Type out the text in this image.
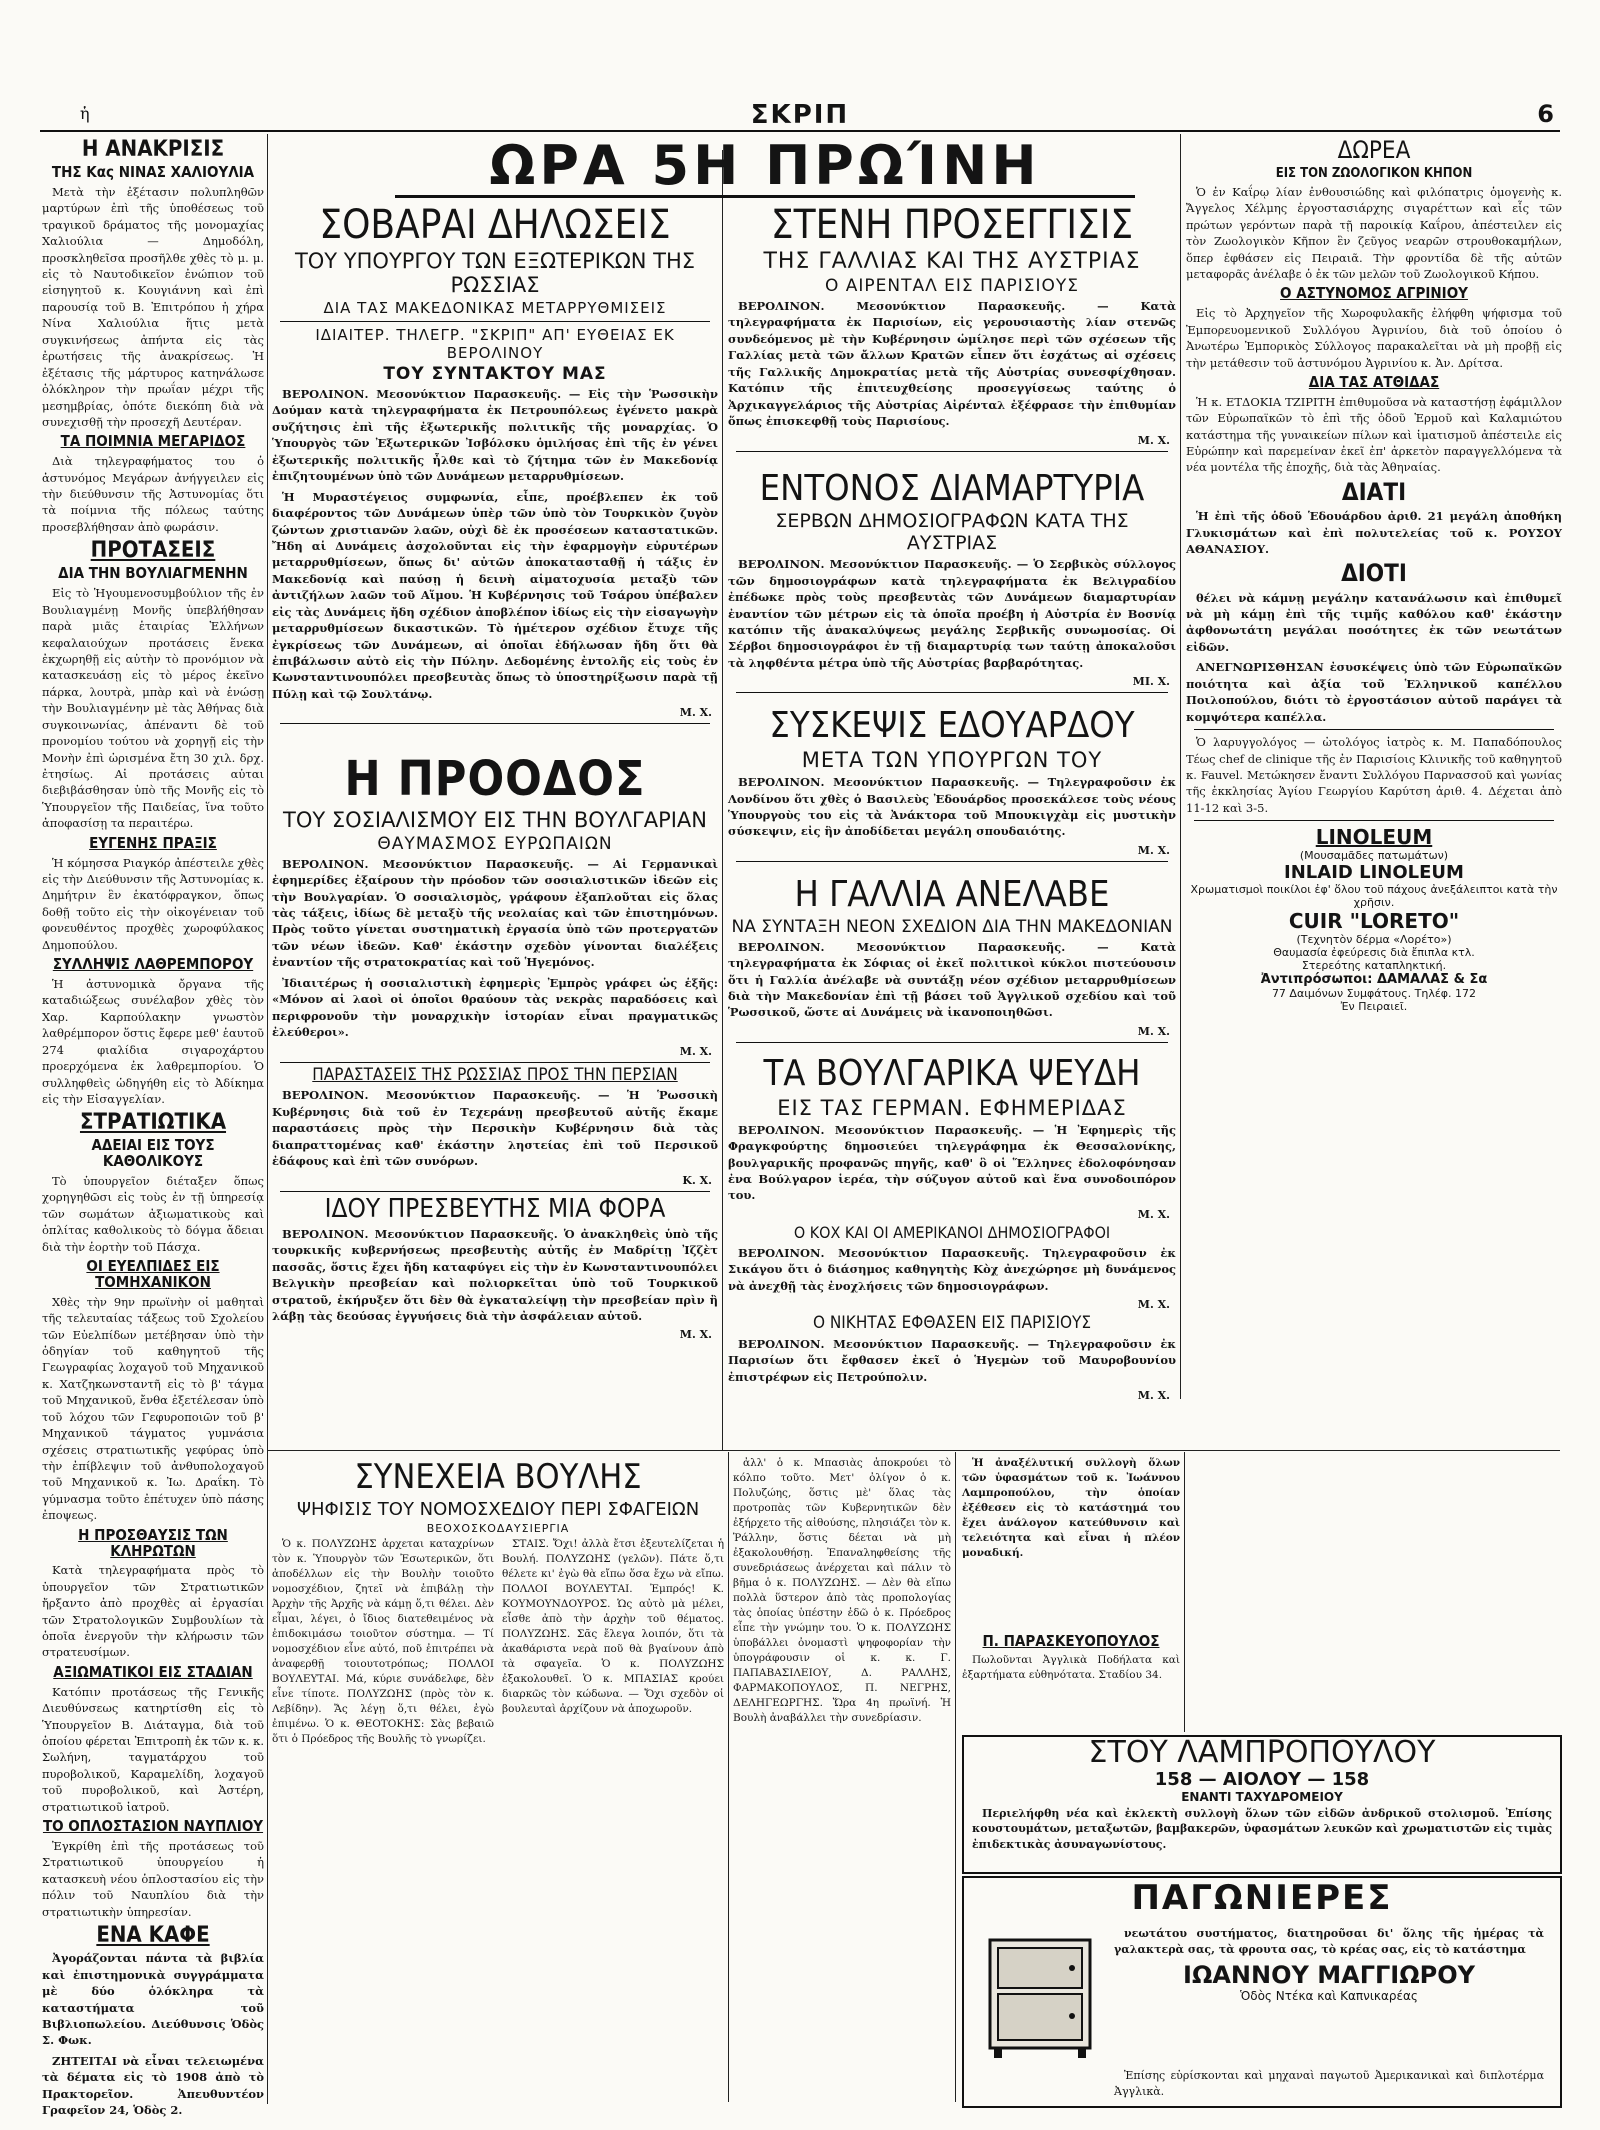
ἡ	ΣΚΡΙΠ	6
ΩΡΑ 5Η ΠΡΩΊΝΗ
Η ΑΝΑΚΡΙΣΙΣ
ΤΗΣ Κας ΝΙΝΑΣ ΧΑΛΙΟΥΛΙΑ

Μετὰ τὴν ἐξέτασιν πολυπληθῶν μαρτύρων ἐπὶ τῆς ὑποθέσεως τοῦ τραγικοῦ δράματος τῆς μονομαχίας Χαλιούλια — Δημοδόλη, προσκληθεῖσα προσῆλθε χθὲς τὸ μ. μ. εἰς τὸ Ναυτοδικεῖον ἐνώπιον τοῦ εἰσηγητοῦ κ. Κουγιάννη καὶ ἐπὶ παρουσίᾳ τοῦ Β. Ἐπιτρόπου ἡ χήρα Νίνα Χαλιούλια ἥτις μετὰ συγκινήσεως ἀπήντα εἰς τὰς ἐρωτήσεις τῆς ἀνακρίσεως. Ἡ ἐξέτασις τῆς μάρτυρος κατηνάλωσε ὁλόκληρον τὴν πρωΐαν μέχρι τῆς μεσημβρίας, ὁπότε διεκόπη διὰ νὰ συνεχισθῇ τὴν προσεχῆ Δευτέραν.

ΤΑ ΠΟΙΜΝΙΑ ΜΕΓΑΡΙΔΟΣ

Διὰ τηλεγραφήματος του ὁ ἀστυνόμος Μεγάρων ἀνήγγειλεν εἰς τὴν διεύθυνσιν τῆς Ἀστυνομίας ὅτι τὰ ποίμνια τῆς πόλεως ταύτης προσεβλήθησαν ἀπὸ φωράσιν.

ΠΡΟΤΑΣΕΙΣ
ΔΙΑ ΤΗΝ ΒΟΥΛΙΑΓΜΕΝΗΝ

Εἰς τὸ Ἡγουμενοσυμβούλιον τῆς ἐν Βουλιαγμένῃ Μονῆς ὑπεβλήθησαν παρὰ μιᾶς ἑταιρίας Ἑλλήνων κεφαλαιούχων προτάσεις ἕνεκα ἐκχωρηθῇ εἰς αὐτὴν τὸ προνόμιον νὰ κατασκευάσῃ εἰς τὸ μέρος ἐκεῖνο πάρκα, λουτρὰ, μπὰρ καὶ νὰ ἑνώσῃ τὴν Βουλιαγμένην μὲ τὰς Ἀθήνας διὰ συγκοινωνίας, ἀπέναντι δὲ τοῦ προνομίου τούτου νὰ χορηγῇ εἰς τὴν Μονὴν ἐπὶ ὡρισμένα ἔτη 30 χιλ. δρχ. ἐτησίως. Αἱ προτάσεις αὐται διεβιβάσθησαν ὑπὸ τῆς Μονῆς εἰς τὸ Ὑπουργεῖον τῆς Παιδείας, ἵνα τοῦτο ἀποφασίσῃ τα περαιτέρω.

ΕΥΓΕΝΗΣ ΠΡΑΞΙΣ

Ἡ κόμησσα Ριαγκόρ ἀπέστειλε χθὲς εἰς τὴν Διεύθυνσιν τῆς Ἀστυνομίας κ. Δημήτριν ἓν ἑκατόφραγκον, ὅπως δοθῇ τοῦτο εἰς τὴν οἰκογένειαν τοῦ φονευθέντος προχθὲς χωροφύλακος Δημοπούλου.

ΣΥΛΛΗΨΙΣ ΛΑΘΡΕΜΠΟΡΟΥ

Ἡ ἀστυνομικὰ ὄργανα τῆς καταδιώξεως συνέλαβον χθὲς τὸν Χαρ. Καρπούλακην γνωστὸν λαθρέμπορον ὅστις ἔφερε μεθ' ἑαυτοῦ 274 φιαλίδια σιγαροχάρτου προερχόμενα ἐκ λαθρεμπορίου. Ὁ συλληφθεὶς ὡδηγήθη εἰς τὸ Ἀδίκημα εἰς τὴν Εἰσαγγελίαν.

ΣΤΡΑΤΙΩΤΙΚΑ
ΑΔΕΙΑΙ ΕΙΣ ΤΟΥΣ ΚΑΘΟΛΙΚΟΥΣ

Τὸ ὑπουργεῖον διέταξεν ὅπως χορηγηθῶσι εἰς τοὺς ἐν τῇ ὑπηρεσίᾳ τῶν σωμάτων ἀξιωματικοὺς καὶ ὁπλίτας καθολικοὺς τὸ δόγμα ἄδειαι διὰ τὴν ἑορτὴν τοῦ Πάσχα.

ΟΙ ΕΥΕΛΠΙΔΕΣ ΕΙΣ ΤΟΜΗΧΑΝΙΚΟΝ

Χθὲς τὴν 9ην πρωϊνὴν οἱ μαθηταὶ τῆς τελευταίας τάξεως τοῦ Σχολείου τῶν Εὐελπίδων μετέβησαν ὑπὸ τὴν ὁδηγίαν τοῦ καθηγητοῦ τῆς Γεωγραφίας λοχαγοῦ τοῦ Μηχανικοῦ κ. Χατζηκωνσταντῆ εἰς τὸ β' τάγμα τοῦ Μηχανικοῦ, ἔνθα ἐξετέλεσαν ὑπὸ τοῦ λόχου τῶν Γεφυροποιῶν τοῦ β' Μηχανικοῦ τάγματος γυμνάσια σχέσεις στρατιωτικῆς γεφύρας ὑπὸ τὴν ἐπίβλεψιν τοῦ ἀνθυπολοχαγοῦ τοῦ Μηχανικοῦ κ. Ἰω. Δραΐκη. Τὸ γύμνασμα τοῦτο ἐπέτυχεν ὑπὸ πάσης ἐποψεως.

Η ΠΡΟΣΘΑΥΣΙΣ ΤΩΝ ΚΛΗΡΩΤΩΝ

Κατὰ τηλεγραφήματα πρὸς τὸ ὑπουργεῖον τῶν Στρατιωτικῶν ἤρξαντο ἀπὸ προχθὲς αἱ ἐργασίαι τῶν Στρατολογικῶν Συμβουλίων τὰ ὁποῖα ἐνεργοῦν τὴν κλήρωσιν τῶν στρατευσίμων.

ΑΞΙΩΜΑΤΙΚΟΙ ΕΙΣ ΣΤΑΔΙΑΝ

Κατόπιν προτάσεως τῆς Γενικῆς Διευθύνσεως κατηρτίσθη εἰς τὸ Ὑπουργεῖον Β. Διάταγμα, διὰ τοῦ ὁποίου φέρεται Ἐπιτροπὴ ἐκ τῶν κ. κ. Σωλήνη, ταγματάρχου τοῦ πυροβολικοῦ, Καραμελίδη, λοχαγοῦ τοῦ πυροβολικοῦ, καὶ Ἀστέρη, στρατιωτικοῦ ἰατροῦ.

ΤΟ ΟΠΛΟΣΤΑΣΙΟΝ ΝΑΥΠΛΙΟΥ

Ἐγκρίθη ἐπὶ τῆς προτάσεως τοῦ Στρατιωτικοῦ ὑπουργείου ἡ κατασκευὴ νέου ὁπλοστασίου εἰς τὴν πόλιν τοῦ Ναυπλίου διὰ τὴν στρατιωτικὴν ὑπηρεσίαν.

ΕΝΑ ΚΑΦΕ

Ἀγοράζονται πάντα τὰ βιβλία καὶ ἐπιστημονικὰ συγγράμματα μὲ δύο ὁλόκληρα τὰ καταστήματα τοῦ Βιβλιοπωλείου. Διεύθυνσις Ὁδὸς Σ. Φωκ.

ΖΗΤΕΙΤΑΙ νὰ εἶναι τελειωμένα τὰ δέματα εἰς τὸ 1908 ἀπὸ τὸ Πρακτορεῖον. Ἀπευθυντέον Γραφεῖον 24, Ὁδὸς 2.

ΣΟΒΑΡΑΙ ΔΗΛΩΣΕΙΣ
ΤΟΥ ΥΠΟΥΡΓΟΥ ΤΩΝ ΕΞΩΤΕΡΙΚΩΝ ΤΗΣ ΡΩΣΣΙΑΣ
ΔΙΑ ΤΑΣ ΜΑΚΕΔΟΝΙΚΑΣ ΜΕΤΑΡΡΥΘΜΙΣΕΙΣ
ΙΔΙΑΙΤΕΡ. ΤΗΛΕΓΡ. "ΣΚΡΙΠ" ΑΠ' ΕΥΘΕΙΑΣ ΕΚ ΒΕΡΟΛΙΝΟΥ
ΤΟΥ ΣΥΝΤΑΚΤΟΥ ΜΑΣ

ΒΕΡΟΛΙΝΟΝ. Μεσονύκτιον Παρασκευῆς. — Εἰς τὴν Ῥωσσικὴν Δούμαν κατὰ τηλεγραφήματα ἐκ Πετρουπόλεως ἐγένετο μακρὰ συζήτησις ἐπὶ τῆς ἐξωτερικῆς πολιτικῆς τῆς μοναρχίας. Ὁ Ὑπουργὸς τῶν Ἐξωτερικῶν Ἰσβόλσκυ ὁμιλήσας ἐπὶ τῆς ἐν γένει ἐξωτερικῆς πολιτικῆς ἦλθε καὶ τὸ ζήτημα τῶν ἐν Μακεδονίᾳ ἐπιζητουμένων ὑπὸ τῶν Δυνάμεων μεταρρυθμίσεων.

Ἡ Μυραστέγειος συμφωνία, εἶπε, προέβλεπεν ἐκ τοῦ διαφέροντος τῶν Δυνάμεων ὑπὲρ τῶν ὑπὸ τὸν Τουρκικὸν ζυγὸν ζώντων χριστιανῶν λαῶν, οὐχὶ δὲ ἐκ προσέσεων καταστατικῶν. Ἤδη αἱ Δυνάμεις ἀσχολοῦνται εἰς τὴν ἐφαρμογὴν εὐρυτέρων μεταρρυθμίσεων, ὅπως δι' αὐτῶν ἀποκατασταθῇ ἡ τάξις ἐν Μακεδονίᾳ καὶ παύσῃ ἡ δεινὴ αἱματοχυσία μεταξὺ τῶν ἀντιζήλων λαῶν τοῦ Αἵμου. Ἡ Κυβέρνησις τοῦ Τσάρου ὑπέβαλεν εἰς τὰς Δυνάμεις ἤδη σχέδιον ἀποβλέπον ἰδίως εἰς τὴν εἰσαγωγὴν μεταρρυθμίσεων δικαστικῶν. Τὸ ἡμέτερον σχέδιον ἔτυχε τῆς ἐγκρίσεως τῶν Δυνάμεων, αἱ ὁποῖαι ἐδήλωσαν ἤδη ὅτι θὰ ἐπιβάλωσιν αὐτὸ εἰς τὴν Πύλην. Δεδομένης ἐντολῆς εἰς τοὺς ἐν Κωνσταντινουπόλει πρεσβευτὰς ὅπως τὸ ὑποστηρίξωσιν παρὰ τῇ Πύλῃ καὶ τῷ Σουλτάνῳ.

Μ. Χ.
Η ΠΡΟΟΔΟΣ
ΤΟΥ ΣΟΣΙΑΛΙΣΜΟΥ ΕΙΣ ΤΗΝ ΒΟΥΛΓΑΡΙΑΝ
ΘΑΥΜΑΣΜΟΣ ΕΥΡΩΠΑΙΩΝ

ΒΕΡΟΛΙΝΟΝ. Μεσονύκτιον Παρασκευῆς. — Αἱ Γερμανικαὶ ἐφημερίδες ἐξαίρουν τὴν πρόοδον τῶν σοσιαλιστικῶν ἰδεῶν εἰς τὴν Βουλγαρίαν. Ὁ σοσιαλισμὸς, γράφουν ἐξαπλοῦται εἰς ὅλας τὰς τάξεις, ἰδίως δὲ μεταξὺ τῆς νεολαίας καὶ τῶν ἐπιστημόνων. Πρὸς τοῦτο γίνεται συστηματικὴ ἐργασία ὑπὸ τῶν προτεργατῶν τῶν νέων ἰδεῶν. Καθ' ἑκάστην σχεδὸν γίνονται διαλέξεις ἐναντίον τῆς στρατοκρατίας καὶ τοῦ Ἡγεμόνος.

Ἰδιαιτέρως ἡ σοσιαλιστικὴ ἐφημερὶς Ἐμπρὸς γράφει ὡς ἑξῆς: «Μόνον αἱ λαοὶ οἱ ὁποῖοι θραύουν τὰς νεκρὰς παραδόσεις καὶ περιφρονοῦν τὴν μοναρχικὴν ἱστορίαν εἶναι πραγματικῶς ἐλεύθεροι».

Μ. Χ.
ΠΑΡΑΣΤΑΣΕΙΣ ΤΗΣ ΡΩΣΣΙΑΣ ΠΡΟΣ ΤΗΝ ΠΕΡΣΙΑΝ

ΒΕΡΟΛΙΝΟΝ. Μεσονύκτιον Παρασκευῆς. — Ἡ Ῥωσσικὴ Κυβέρνησις διὰ τοῦ ἐν Τεχεράνῃ πρεσβευτοῦ αὐτῆς ἔκαμε παραστάσεις πρὸς τὴν Περσικὴν Κυβέρνησιν διὰ τὰς διαπραττομένας καθ' ἑκάστην ληστείας ἐπὶ τοῦ Περσικοῦ ἐδάφους καὶ ἐπὶ τῶν συνόρων.

Κ. Χ.
ΙΔΟΥ ΠΡΕΣΒΕΥΤΗΣ ΜΙΑ ΦΟΡΑ

ΒΕΡΟΛΙΝΟΝ. Μεσονύκτιον Παρασκευῆς. Ὁ ἀνακληθεὶς ὑπὸ τῆς τουρκικῆς κυβερνήσεως πρεσβευτὴς αὐτῆς ἐν Μαδρίτῃ Ἰζζὲτ πασσᾶς, ὅστις ἔχει ἤδη καταφύγει εἰς τὴν ἐν Κωνσταντινουπόλει Βελγικὴν πρεσβείαν καὶ πολιορκεῖται ὑπὸ τοῦ Τουρκικοῦ στρατοῦ, ἐκήρυξεν ὅτι δὲν θὰ ἐγκαταλείψῃ τὴν πρεσβείαν πρὶν ἢ λάβῃ τὰς δεούσας ἐγγυήσεις διὰ τὴν ἀσφάλειαν αὐτοῦ.

Μ. Χ.
ΣΤΕΝΗ ΠΡΟΣΕΓΓΙΣΙΣ
ΤΗΣ ΓΑΛΛΙΑΣ ΚΑΙ ΤΗΣ ΑΥΣΤΡΙΑΣ
Ο ΑΙΡΕΝΤΑΛ ΕΙΣ ΠΑΡΙΣΙΟΥΣ

ΒΕΡΟΛΙΝΟΝ. Μεσονύκτιον Παρασκευῆς. — Κατὰ τηλεγραφήματα ἐκ Παρισίων, εἰς γερουσιαστὴς λίαν στενῶς συνδεόμενος μὲ τὴν Κυβέρνησιν ὡμίλησε περὶ τῶν σχέσεων τῆς Γαλλίας μετὰ τῶν ἄλλων Κρατῶν εἶπεν ὅτι ἐσχάτως αἱ σχέσεις τῆς Γαλλικῆς Δημοκρατίας μετὰ τῆς Αὐστρίας συνεσφίχθησαν. Κατόπιν τῆς ἐπιτευχθείσης προσεγγίσεως ταύτης ὁ Ἀρχικαγγελάριος τῆς Αὐστρίας Αἰρένταλ ἐξέφρασε τὴν ἐπιθυμίαν ὅπως ἐπισκεφθῇ τοὺς Παρισίους.

Μ. Χ.
ΕΝΤΟΝΟΣ ΔΙΑΜΑΡΤΥΡΙΑ
ΣΕΡΒΩΝ ΔΗΜΟΣΙΟΓΡΑΦΩΝ ΚΑΤΑ ΤΗΣ ΑΥΣΤΡΙΑΣ

ΒΕΡΟΛΙΝΟΝ. Μεσονύκτιον Παρασκευῆς. — Ὁ Σερβικὸς σύλλογος τῶν δημοσιογράφων κατὰ τηλεγραφήματα ἐκ Βελιγραδίου ἐπέδωκε πρὸς τοὺς πρεσβευτὰς τῶν Δυνάμεων διαμαρτυρίαν ἐναντίον τῶν μέτρων εἰς τὰ ὁποῖα προέβη ἡ Αὐστρία ἐν Βοσνίᾳ κατόπιν τῆς ἀνακαλύψεως μεγάλης Σερβικῆς συνωμοσίας. Οἱ Σέρβοι δημοσιογράφοι ἐν τῇ διαμαρτυρίᾳ των ταύτῃ ἀποκαλοῦσι τὰ ληφθέντα μέτρα ὑπὸ τῆς Αὐστρίας βαρβαρότητας.

ΜΙ. Χ.
ΣΥΣΚΕΨΙΣ ΕΔΟΥΑΡΔΟΥ
ΜΕΤΑ ΤΩΝ ΥΠΟΥΡΓΩΝ ΤΟΥ

ΒΕΡΟΛΙΝΟΝ. Μεσονύκτιον Παρασκευῆς. — Τηλεγραφοῦσιν ἐκ Λονδίνου ὅτι χθὲς ὁ Βασιλεὺς Ἐδουάρδος προσεκάλεσε τοὺς νέους Ὑπουργοὺς του εἰς τὰ Ἀνάκτορα τοῦ Μπουκιγχὰμ εἰς μυστικὴν σύσκεψιν, εἰς ἣν ἀποδίδεται μεγάλη σπουδαιότης.

Μ. Χ.
Η ΓΑΛΛΙΑ ΑΝΕΛΑΒΕ
ΝΑ ΣΥΝΤΑΞΗ ΝΕΟΝ ΣΧΕΔΙΟΝ ΔΙΑ ΤΗΝ ΜΑΚΕΔΟΝΙΑΝ

ΒΕΡΟΛΙΝΟΝ. Μεσονύκτιον Παρασκευῆς. — Κατὰ τηλεγραφήματα ἐκ Σόφιας οἱ ἐκεῖ πολιτικοὶ κύκλοι πιστεύουσιν ὅτι ἡ Γαλλία ἀνέλαβε νὰ συντάξῃ νέον σχέδιον μεταρρυθμίσεων διὰ τὴν Μακεδονίαν ἐπὶ τῇ βάσει τοῦ Ἀγγλικοῦ σχεδίου καὶ τοῦ Ῥωσσικοῦ, ὥστε αἱ Δυνάμεις νὰ ἱκανοποιηθῶσι.

Μ. Χ.
ΤΑ ΒΟΥΛΓΑΡΙΚΑ ΨΕΥΔΗ
ΕΙΣ ΤΑΣ ΓΕΡΜΑΝ. ΕΦΗΜΕΡΙΔΑΣ

ΒΕΡΟΛΙΝΟΝ. Μεσονύκτιον Παρασκευῆς. — Ἡ Ἐφημερὶς τῆς Φραγκφούρτης δημοσιεύει τηλεγράφημα ἐκ Θεσσαλονίκης, βουλγαρικῆς προφανῶς πηγῆς, καθ' ὃ οἱ Ἕλληνες ἐδολοφόνησαν ἐνα Βούλγαρον ἱερέα, τὴν σύζυγον αὐτοῦ καὶ ἕνα συνοδοιπόρον του.

Μ. Χ.
Ο ΚΟΧ ΚΑΙ ΟΙ ΑΜΕΡΙΚΑΝΟΙ ΔΗΜΟΣΙΟΓΡΑΦΟΙ

ΒΕΡΟΛΙΝΟΝ. Μεσονύκτιον Παρασκευῆς. Τηλεγραφοῦσιν ἐκ Σικάγου ὅτι ὁ διάσημος καθηγητὴς Κὸχ ἀνεχώρησε μὴ δυνάμενος νὰ ἀνεχθῇ τὰς ἐνοχλήσεις τῶν δημοσιογράφων.

Μ. Χ.
Ο ΝΙΚΗΤΑΣ ΕΦΘΑΣΕΝ ΕΙΣ ΠΑΡΙΣΙΟΥΣ

ΒΕΡΟΛΙΝΟΝ. Μεσονύκτιον Παρασκευῆς. — Τηλεγραφοῦσιν ἐκ Παρισίων ὅτι ἔφθασεν ἐκεῖ ὁ Ἡγεμὼν τοῦ Μαυροβουνίου ἐπιστρέφων εἰς Πετρούπολιν.

Μ. Χ.
ΣΥΝΕΧΕΙΑ ΒΟΥΛΗΣ
ΨΗΦΙΣΙΣ ΤΟΥ ΝΟΜΟΣΧΕΔΙΟΥ ΠΕΡΙ ΣΦΑΓΕΙΩΝ
ΒΕΟΧΟΣΚΟΔΑΥΣΙΕΡΓΙΑ

Ὁ κ. ΠΟΛΥΖΩΗΣ ἀρχεται καταχρίνων τὸν κ. Ὑπουργὸν τῶν Ἐσωτερικῶν, ὅτι ἀποδέλλων εἰς τὴν Βουλὴν τοιοῦτο νομοσχέδιον, ζητεῖ νὰ ἐπιβάλῃ τὴν Ἀρχὴν τῆς Ἀρχῆς νὰ κάμῃ ὅ,τι θέλει. Δὲν εἶμαι, λέγει, ὁ ἴδιος διατεθειμένος νὰ ἐπιδοκιμάσω τοιοῦτον σύστημα. — Τί νομοσχέδιον εἶνε αὐτό, ποῦ ἐπιτρέπει νὰ ἀναφερθῇ τοιουτοτρόπως; ΠΟΛΛΟΙ ΒΟΥΛΕΥΤΑΙ. Μά, κύριε συνάδελφε, δὲν εἶνε τίποτε. ΠΟΛΥΖΩΗΣ (πρὸς τὸν κ. Λεβίδην). Ἄς λέγῃ ὅ,τι θέλει, ἐγὼ ἐπιμένω. Ὁ κ. ΘΕΟΤΟΚΗΣ: Σὰς βεβαιῶ ὅτι ὁ Πρόεδρος τῆς Βουλῆς τὸ γνωρίζει.

ΣΤΑΙΣ. Ὄχι! ἀλλὰ ἔτσι ἐξευτελίζεται ἡ Βουλή. ΠΟΛΥΖΩΗΣ (γελῶν). Πάτε ὅ,τι θέλετε κι' ἐγὼ θὰ εἴπω ὅσα ἔχω νὰ εἴπω. ΠΟΛΛΟΙ ΒΟΥΛΕΥΤΑΙ. Ἐμπρός! Κ. ΚΟΥΜΟΥΝΔΟΥΡΟΣ. Ὡς αὐτὸ μὰ μέλει, εἶσθε ἀπὸ τὴν ἀρχὴν τοῦ θέματος. ΠΟΛΥΖΩΗΣ. Σᾶς ἔλεγα λοιπόν, ὅτι τὰ ἀκαθάριστα νερὰ ποῦ θὰ βγαίνουν ἀπὸ τὰ σφαγεῖα. Ὁ κ. ΠΟΛΥΖΩΗΣ ἐξακολουθεῖ. Ὁ κ. ΜΠΑΣΙΑΣ κρούει διαρκῶς τὸν κώδωνα. — Ὄχι σχεδὸν οἱ βουλευταὶ ἀρχίζουν νὰ ἀποχωροῦν.

ἀλλ' ὁ κ. Μπασιὰς ἀποκρούει τὸ κόλπο τοῦτο. Μετ' ὀλίγον ὁ κ. Πολυζώης, ὅστις μὲ' ὅλας τὰς προτροπὰς τῶν Κυβερνητικῶν δὲν ἐξήρχετο τῆς αἰθούσης, πλησιάζει τὸν κ. Ῥάλλην, ὅστις δέεται νὰ μὴ ἐξακολουθήσῃ. Ἐπαναληφθείσης τῆς συνεδριάσεως ἀνέρχεται καὶ πάλιν τὸ βῆμα ὁ κ. ΠΟΛΥΖΩΗΣ. — Δὲν θὰ εἴπω πολλὰ ὕστερον ἀπὸ τὰς προπολογίας τὰς ὁποίας ὑπέστην ἐδῶ ὁ κ. Πρόεδρος εἶπε τὴν γνώμην του. Ὁ κ. ΠΟΛΥΖΩΗΣ ὑποβάλλει ὀνομαστὶ ψηφοφορίαν τὴν ὑπογράφουσιν οἱ κ. κ. Γ. ΠΑΠΑΒΑΣΙΛΕΙΟΥ, Δ. ΡΑΛΛΗΣ, ΦΑΡΜΑΚΟΠΟΥΛΟΣ, Π. ΝΕΓΡΗΣ, ΔΕΛΗΓΕΩΡΓΗΣ. Ὥρα 4η πρωϊνή. Ἡ Βουλὴ ἀναβάλλει τὴν συνεδρίασιν.

ΔΩΡΕΑ
ΕΙΣ ΤΟΝ ΖΩΟΛΟΓΙΚΟΝ ΚΗΠΟΝ

Ὁ ἐν Καΐρῳ λίαν ἐνθουσιώδης καὶ φιλόπατρις ὁμογενὴς κ. Ἄγγελος Χέλμης ἐργοστασιάρχης σιγαρέττων καὶ εἷς τῶν πρώτων γερόντων παρὰ τῇ παροικίᾳ Καΐρου, ἀπέστειλεν εἰς τὸν Ζωολογικὸν Κῆπον ἓν ζεῦγος νεαρῶν στρουθοκαμήλων, ὅπερ ἐφθάσεν εἰς Πειραιᾶ. Τὴν φροντίδα δὲ τῆς αὐτῶν μεταφορᾶς ἀνέλαβε ὁ ἐκ τῶν μελῶν τοῦ Ζωολογικοῦ Κήπου.

Ο ΑΣΤΥΝΟΜΟΣ ΑΓΡΙΝΙΟΥ

Εἰς τὸ Ἀρχηγεῖον τῆς Χωροφυλακῆς ἐλήφθη ψήφισμα τοῦ Ἐμπορευομενικοῦ Συλλόγου Ἀγρινίου, διὰ τοῦ ὁποίου ὁ Ἀνωτέρω Ἐμπορικὸς Σύλλογος παρακαλεῖται νὰ μὴ προβῇ εἰς τὴν μετάθεσιν τοῦ ἀστυνόμου Ἀγρινίου κ. Ἀν. Δρίτσα.

ΔΙΑ ΤΑΣ ΑΤΘΙΔΑΣ

Ἡ κ. ΕΤΔΟΚΙΑ ΤΖΙΡΙΤΗ ἐπιθυμοῦσα νὰ καταστήσῃ ἐφάμιλλον τῶν Εὐρωπαϊκῶν τὸ ἐπὶ τῆς ὁδοῦ Ἑρμοῦ καὶ Καλαμιώτου κατάστημα τῆς γυναικείων πίλων καὶ ἱματισμοῦ ἀπέστειλε εἰς Εὐρώπην καὶ παρεμείναν ἐκεῖ ἐπ' ἀρκετὸν παραγγελλόμενα τὰ νέα μοντέλα τῆς ἐποχῆς, διὰ τὰς Ἀθηναίας.

ΔΙΑΤΙ

Ἡ ἐπὶ τῆς ὁδοῦ Ἑδουάρδου ἀριθ. 21 μεγάλη ἀποθήκη Γλυκισμάτων καὶ ἐπὶ πολυτελείας τοῦ κ. ΡΟΥΣΟΥ ΑΘΑΝΑΣΙΟΥ.

ΔΙΟΤΙ

θέλει νὰ κάμνῃ μεγάλην κατανάλωσιν καὶ ἐπιθυμεῖ νὰ μὴ κάμῃ ἐπὶ τῆς τιμῆς καθόλου καθ' ἑκάστην ἀφθονωτάτη μεγάλαι ποσότητες ἐκ τῶν νεωτάτων εἰδῶν.

ΑΝΕΓΝΩΡΙΣΘΗΣΑΝ ἐσυσκέψεις ὑπὸ τῶν Εὐρωπαϊκῶν ποιότητα καὶ ἀξία τοῦ Ἑλληνικοῦ καπέλλου Ποιλοπούλου, διότι τὸ ἐργοστάσιον αὐτοῦ παράγει τὰ κομψότερα καπέλλα.

Ὁ λαρυγγολόγος — ὠτολόγος ἰατρὸς κ. Μ. Παπαδόπουλος Τέως chef de clinique τῆς ἐν Παρισίοις Κλινικῆς τοῦ καθηγητοῦ κ. Fauvel. Μετώκησεν ἔναντι Συλλόγου Παρνασσοῦ καὶ γωνίας τῆς ἐκκλησίας Ἁγίου Γεωργίου Καρύτση ἀριθ. 4. Δέχεται ἀπὸ 11-12 καὶ 3-5.

LINOLEUM
(Μουσαμᾶδες πατωμάτων)
INLAID LINOLEUM
Χρωματισμοὶ ποικίλοι ἐφ' ὅλου τοῦ πάχους ἀνεξάλειπτοι κατὰ τὴν χρῆσιν.
CUIR "LORETO"
(Τεχνητὸν δέρμα «Λορέτο»)
Θαυμασία ἐφεύρεσις διὰ ἔπιπλα κτλ.
Στερεότης καταπληκτική.
Ἀντιπρόσωποι: ΔΑΜΑΛΑΣ & Σα
77 Δαιμόνων Συμφάτους. Τηλέφ. 172
Ἐν Πειραιεῖ.

Ἡ ἀναξέλυτική συλλογὴ ὅλων τῶν ὑφασμάτων τοῦ κ. Ἰωάννου Λαμπροπούλου, τὴν ὁποίαν ἐξέθεσεν εἰς τὸ κατάστημά του ἔχει ἀνάλογον κατεύθυνσιν καὶ τελειότητα καὶ εἶναι ἡ πλέον μοναδική.

Π. ΠΑΡΑΣΚΕΥΟΠΟΥΛΟΣ

Πωλοῦνται Ἀγγλικὰ Ποδήλατα καὶ ἐξαρτήματα εὐθηνότατα. Σταδίου 34.

ΣΤΟΥ ΛΑΜΠΡΟΠΟΥΛΟΥ
158 — ΑΙΟΛΟΥ — 158
ΕΝΑΝΤΙ ΤΑΧΥΔΡΟΜΕΙΟΥ

Περιελήφθη νέα καὶ ἐκλεκτὴ συλλογὴ ὅλων τῶν εἰδῶν ἀνδρικοῦ στολισμοῦ. Ἐπίσης κουστουμάτων, μεταξωτῶν, βαμβακερῶν, ὑφασμάτων λευκῶν καὶ χρωματιστῶν εἰς τιμὰς ἐπιδεκτικὰς ἀσυναγωνίστους.

ΠΑΓΩΝΙΕΡΕΣ

νεωτάτου συστήματος, διατηροῦσαι δι' ὅλης τῆς ἡμέρας τὰ γαλακτερὰ σας, τὰ φρουτα σας, τὸ κρέας σας, εἰς τὸ κατάστημα

ΙΩΑΝΝΟΥ ΜΑΓΓΙΩΡΟΥ
Ὁδὸς Ντέκα καὶ Καπνικαρέας

Ἐπίσης εὑρίσκονται καὶ μηχαναὶ παγωτοῦ Ἀμερικανικαὶ καὶ διπλοτέρμα Ἀγγλικὰ.
